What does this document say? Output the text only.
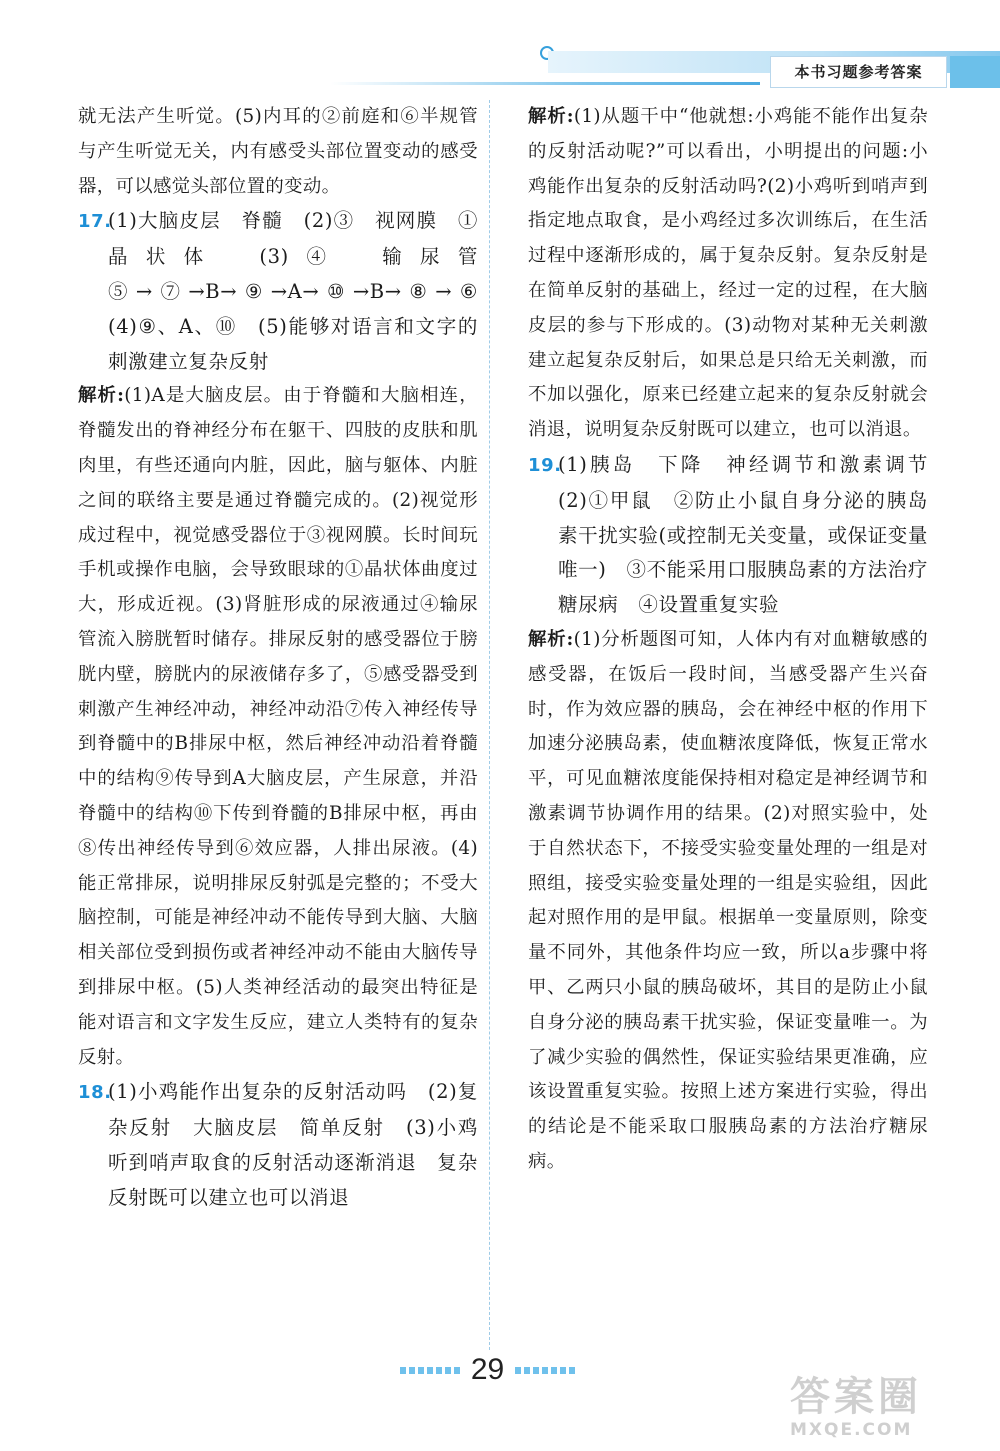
本书习题参考答案

就无法产生听觉。(5)内耳的②前庭和⑥半规管与产生听觉无关，内有感受头部位置变动的感受器，可以感觉头部位置的变动。

17.(1)大脑皮层　脊髓　(2)③　视网膜　①晶状体　(3)④　输尿管　⑤→⑦→B→⑨→A→⑩→B→⑧→⑥　(4)⑨、A、⑩　(5)能够对语言和文字的刺激建立复杂反射

解析:(1)A是大脑皮层。由于脊髓和大脑相连，脊髓发出的脊神经分布在躯干、四肢的皮肤和肌肉里，有些还通向内脏，因此，脑与躯体、内脏之间的联络主要是通过脊髓完成的。(2)视觉形成过程中，视觉感受器位于③视网膜。长时间玩手机或操作电脑，会导致眼球的①晶状体曲度过大，形成近视。(3)肾脏形成的尿液通过④输尿管流入膀胱暂时储存。排尿反射的感受器位于膀胱内壁，膀胱内的尿液储存多了，⑤感受器受到刺激产生神经冲动，神经冲动沿⑦传入神经传导到脊髓中的B排尿中枢，然后神经冲动沿着脊髓中的结构⑨传导到A大脑皮层，产生尿意，并沿脊髓中的结构⑩下传到脊髓的B排尿中枢，再由⑧传出神经传导到⑥效应器，人排出尿液。(4)能正常排尿，说明排尿反射弧是完整的；不受大脑控制，可能是神经冲动不能传导到大脑、大脑相关部位受到损伤或者神经冲动不能由大脑传导到排尿中枢。(5)人类神经活动的最突出特征是能对语言和文字发生反应，建立人类特有的复杂反射。

18.(1)小鸡能作出复杂的反射活动吗　(2)复杂反射　大脑皮层　简单反射　(3)小鸡听到哨声取食的反射活动逐渐消退　复杂反射既可以建立也可以消退

解析:(1)从题干中“他就想:小鸡能不能作出复杂的反射活动呢?”可以看出，小明提出的问题:小鸡能作出复杂的反射活动吗?(2)小鸡听到哨声到指定地点取食，是小鸡经过多次训练后，在生活过程中逐渐形成的，属于复杂反射。复杂反射是在简单反射的基础上，经过一定的过程，在大脑皮层的参与下形成的。(3)动物对某种无关刺激建立起复杂反射后，如果总是只给无关刺激，而不加以强化，原来已经建立起来的复杂反射就会消退，说明复杂反射既可以建立，也可以消退。

19.(1)胰岛　下降　神经调节和激素调节　(2)①甲鼠　②防止小鼠自身分泌的胰岛素干扰实验(或控制无关变量，或保证变量唯一)　③不能采用口服胰岛素的方法治疗糖尿病　④设置重复实验

解析:(1)分析题图可知，人体内有对血糖敏感的感受器，在饭后一段时间，当感受器产生兴奋时，作为效应器的胰岛，会在神经中枢的作用下加速分泌胰岛素，使血糖浓度降低，恢复正常水平，可见血糖浓度能保持相对稳定是神经调节和激素调节协调作用的结果。(2)对照实验中，处于自然状态下，不接受实验变量处理的一组是对照组，接受实验变量处理的一组是实验组，因此起对照作用的是甲鼠。根据单一变量原则，除变量不同外，其他条件均应一致，所以a步骤中将甲、乙两只小鼠的胰岛破坏，其目的是防止小鼠自身分泌的胰岛素干扰实验，保证变量唯一。为了减少实验的偶然性，保证实验结果更准确，应该设置重复实验。按照上述方案进行实验，得出的结论是不能采取口服胰岛素的方法治疗糖尿病。

29
答案圈
MXQE.COM
